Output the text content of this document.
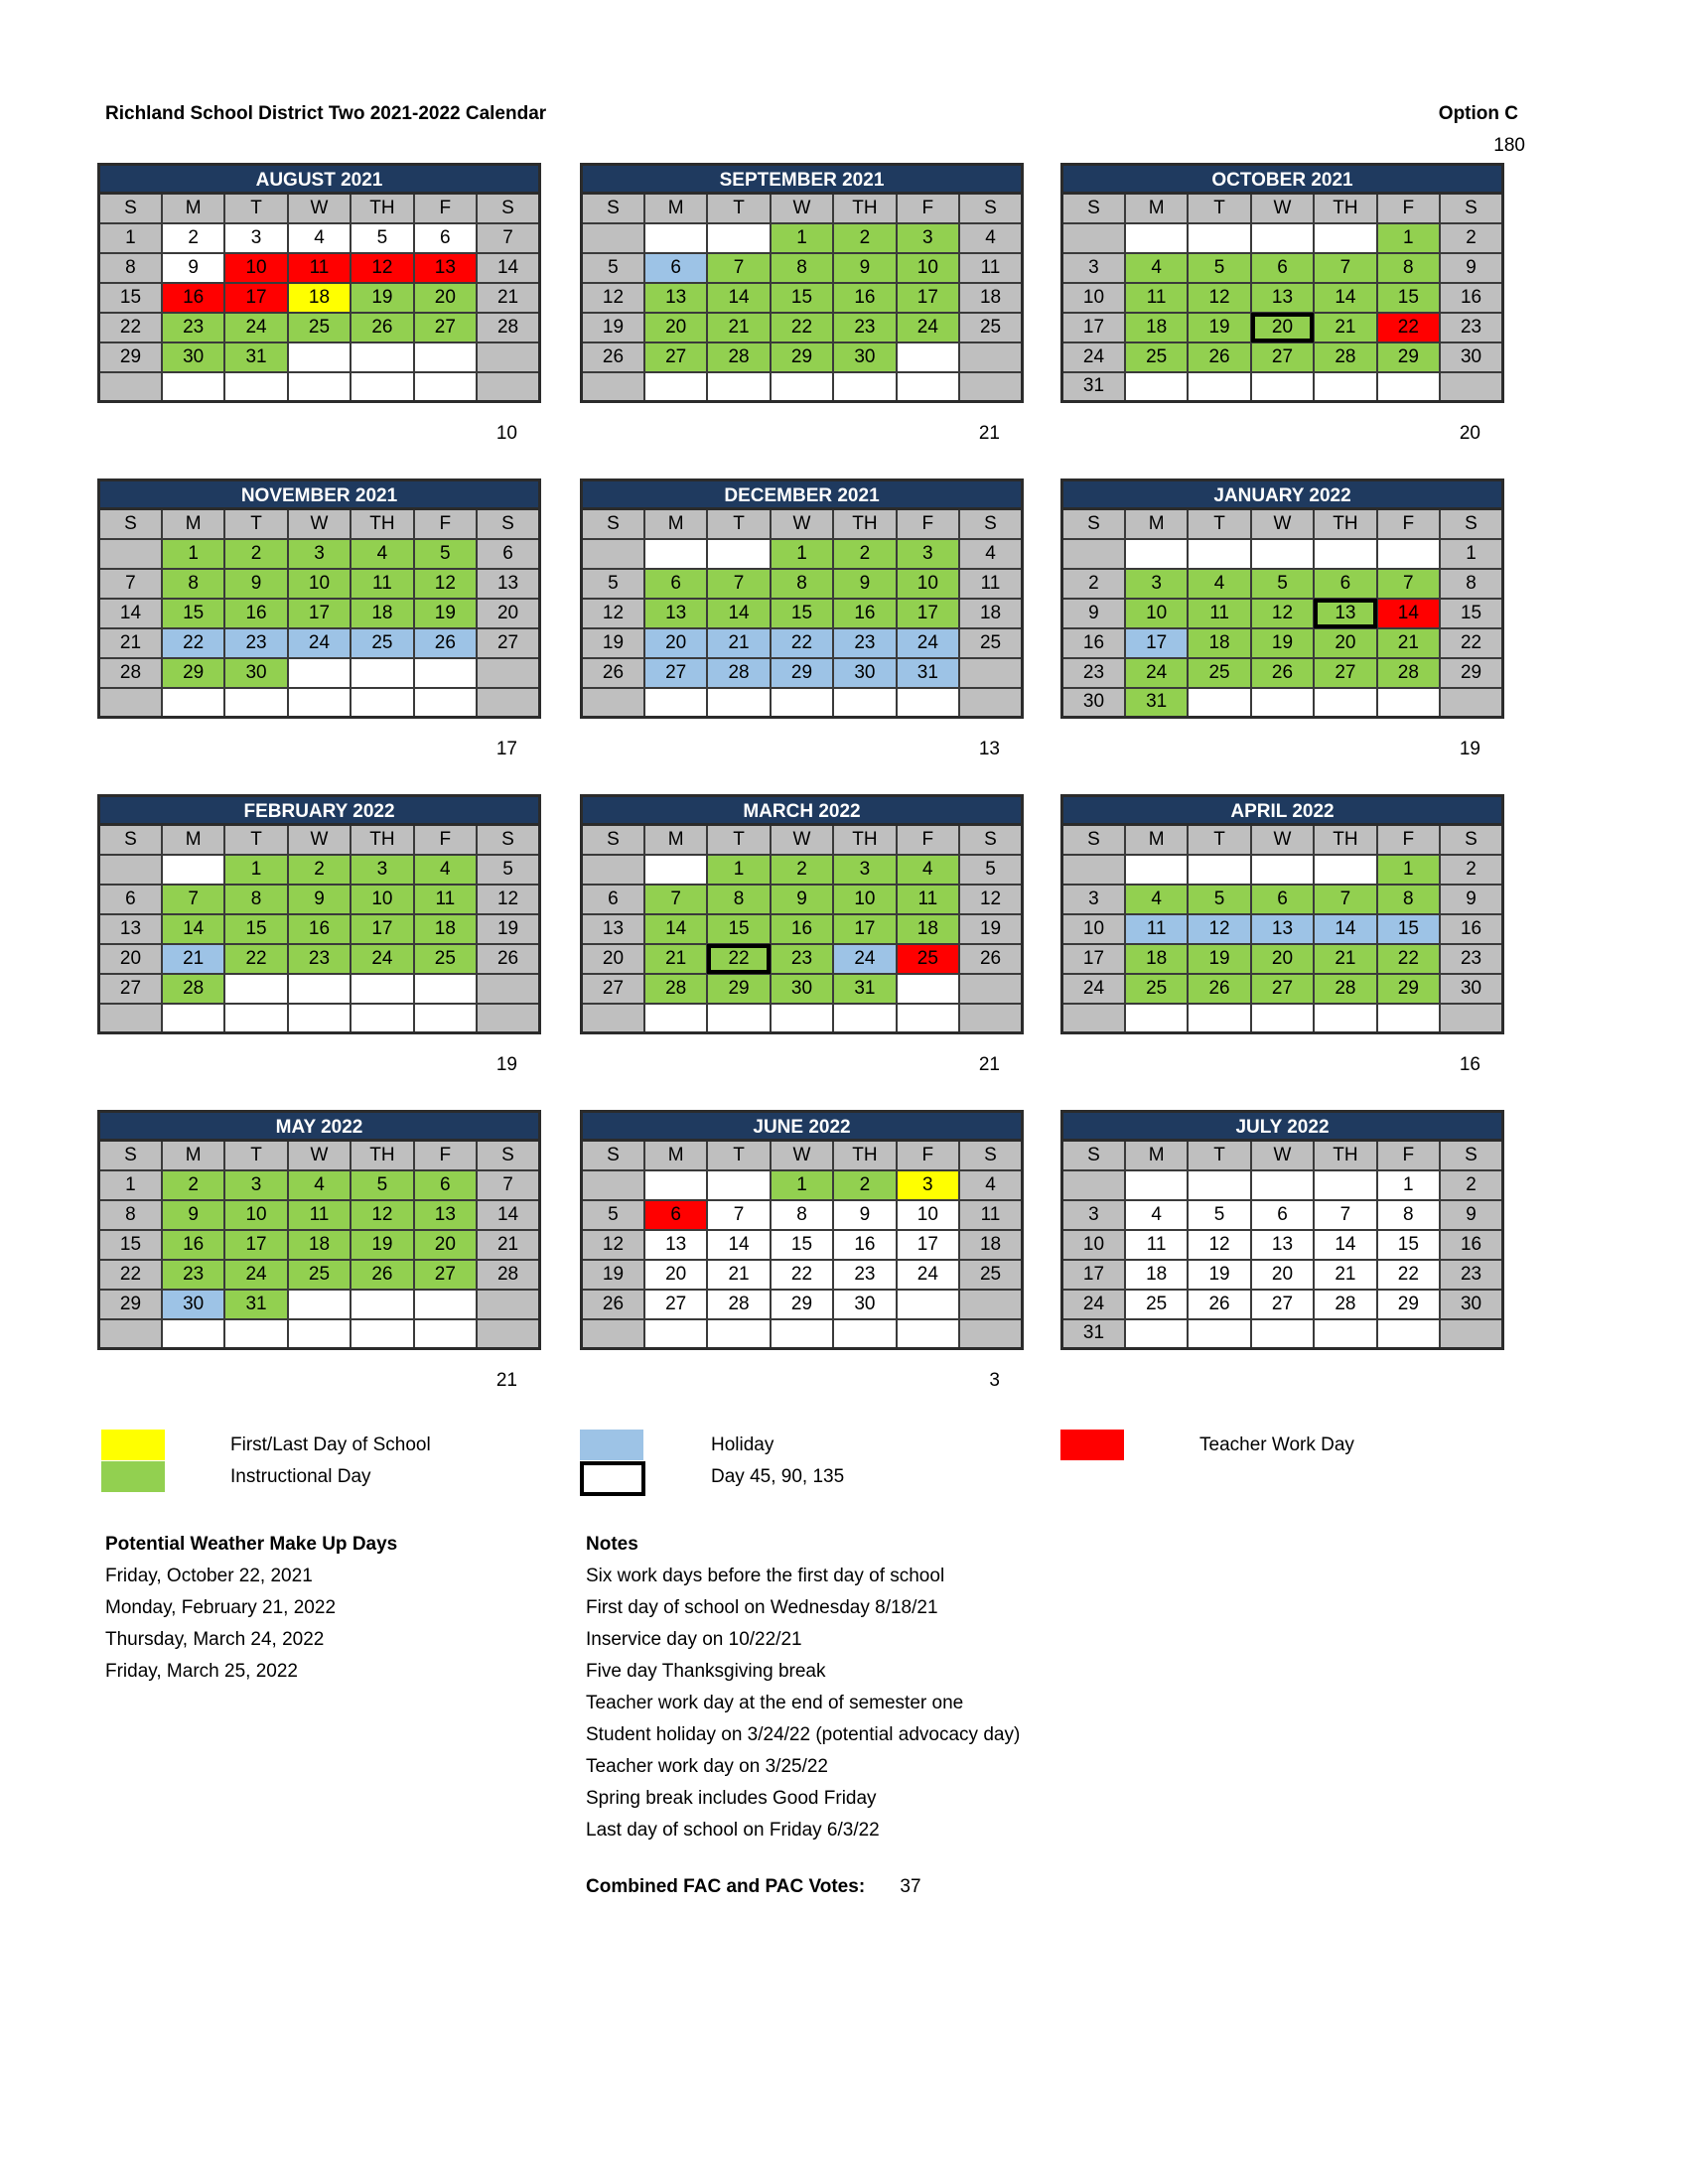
Richland School District Two 2021-2022 Calendar	Option C
180
AUGUST 2021
S	M	T	W	TH	F	S
1	2	3	4	5	6	7
8	9	10	11	12	13	14
15	16	17	18	19	20	21
22	23	24	25	26	27	28
29	30	31				

10
SEPTEMBER 2021
S	M	T	W	TH	F	S
			1	2	3	4
5	6	7	8	9	10	11
12	13	14	15	16	17	18
19	20	21	22	23	24	25
26	27	28	29	30		

21
OCTOBER 2021
S	M	T	W	TH	F	S
					1	2
3	4	5	6	7	8	9
10	11	12	13	14	15	16
17	18	19	20	21	22	23
24	25	26	27	28	29	30
31						
20
NOVEMBER 2021
S	M	T	W	TH	F	S
	1	2	3	4	5	6
7	8	9	10	11	12	13
14	15	16	17	18	19	20
21	22	23	24	25	26	27
28	29	30				

17
DECEMBER 2021
S	M	T	W	TH	F	S
			1	2	3	4
5	6	7	8	9	10	11
12	13	14	15	16	17	18
19	20	21	22	23	24	25
26	27	28	29	30	31	

13
JANUARY 2022
S	M	T	W	TH	F	S
						1
2	3	4	5	6	7	8
9	10	11	12	13	14	15
16	17	18	19	20	21	22
23	24	25	26	27	28	29
30	31					
19
FEBRUARY 2022
S	M	T	W	TH	F	S
		1	2	3	4	5
6	7	8	9	10	11	12
13	14	15	16	17	18	19
20	21	22	23	24	25	26
27	28					

19
MARCH 2022
S	M	T	W	TH	F	S
		1	2	3	4	5
6	7	8	9	10	11	12
13	14	15	16	17	18	19
20	21	22	23	24	25	26
27	28	29	30	31		

21
APRIL 2022
S	M	T	W	TH	F	S
					1	2
3	4	5	6	7	8	9
10	11	12	13	14	15	16
17	18	19	20	21	22	23
24	25	26	27	28	29	30

16
MAY 2022
S	M	T	W	TH	F	S
1	2	3	4	5	6	7
8	9	10	11	12	13	14
15	16	17	18	19	20	21
22	23	24	25	26	27	28
29	30	31				

21
JUNE 2022
S	M	T	W	TH	F	S
			1	2	3	4
5	6	7	8	9	10	11
12	13	14	15	16	17	18
19	20	21	22	23	24	25
26	27	28	29	30		

3
JULY 2022
S	M	T	W	TH	F	S
					1	2
3	4	5	6	7	8	9
10	11	12	13	14	15	16
17	18	19	20	21	22	23
24	25	26	27	28	29	30
31						
First/Last Day of School
Instructional Day
Holiday
Day 45, 90, 135
Teacher Work Day
Potential Weather Make Up Days
Friday, October 22, 2021
Monday, February 21, 2022
Thursday, March 24, 2022
Friday, March 25, 2022
Notes
Six work days before the first day of school
First day of school on Wednesday 8/18/21
Inservice day on 10/22/21
Five day Thanksgiving break
Teacher work day at the end of semester one
Student holiday on 3/24/22 (potential advocacy day)
Teacher work day on 3/25/22
Spring break includes Good Friday
Last day of school on Friday 6/3/22
Combined FAC and PAC Votes: 37
